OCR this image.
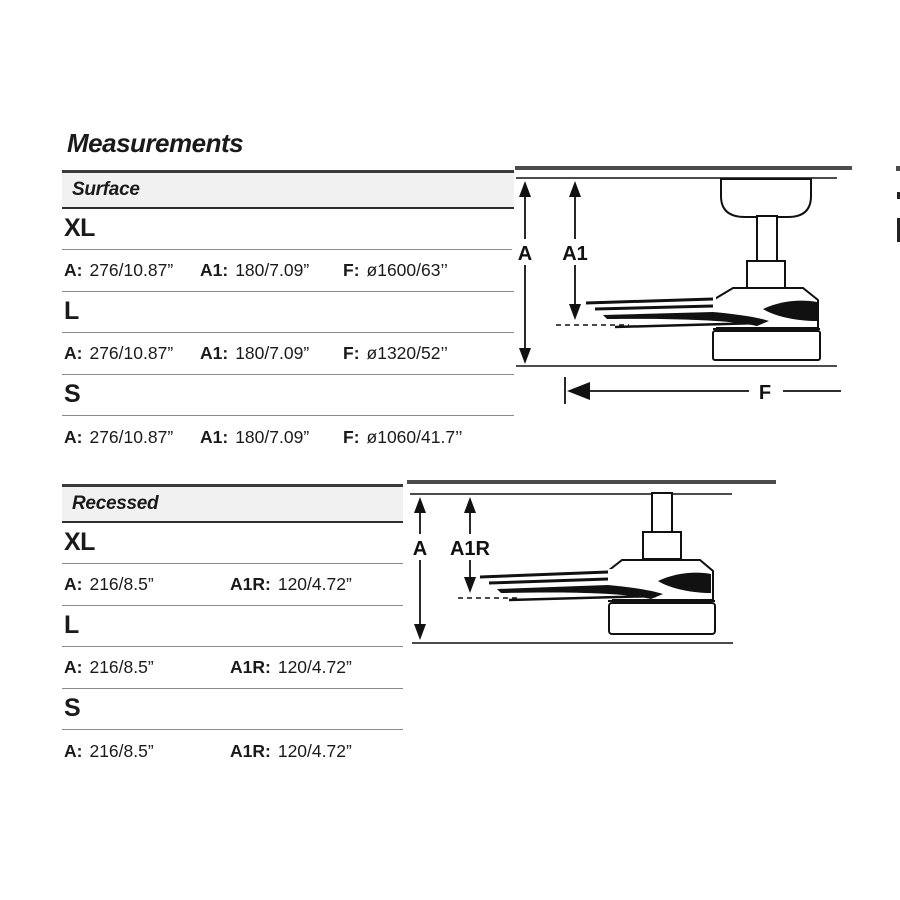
Measurements
Surface
XL
A: 276/10.87” A1: 180/7.09” F: ø1600/63’’
L
A: 276/10.87” A1: 180/7.09” F: ø1320/52’’
S
A: 276/10.87” A1: 180/7.09” F: ø1060/41.7’’
Recessed
XL
A: 216/8.5”	A1R: 120/4.72”
L
A: 216/8.5”	A1R: 120/4.72”
S
A: 216/8.5”	A1R: 120/4.72”
A A1
F
A A1R
